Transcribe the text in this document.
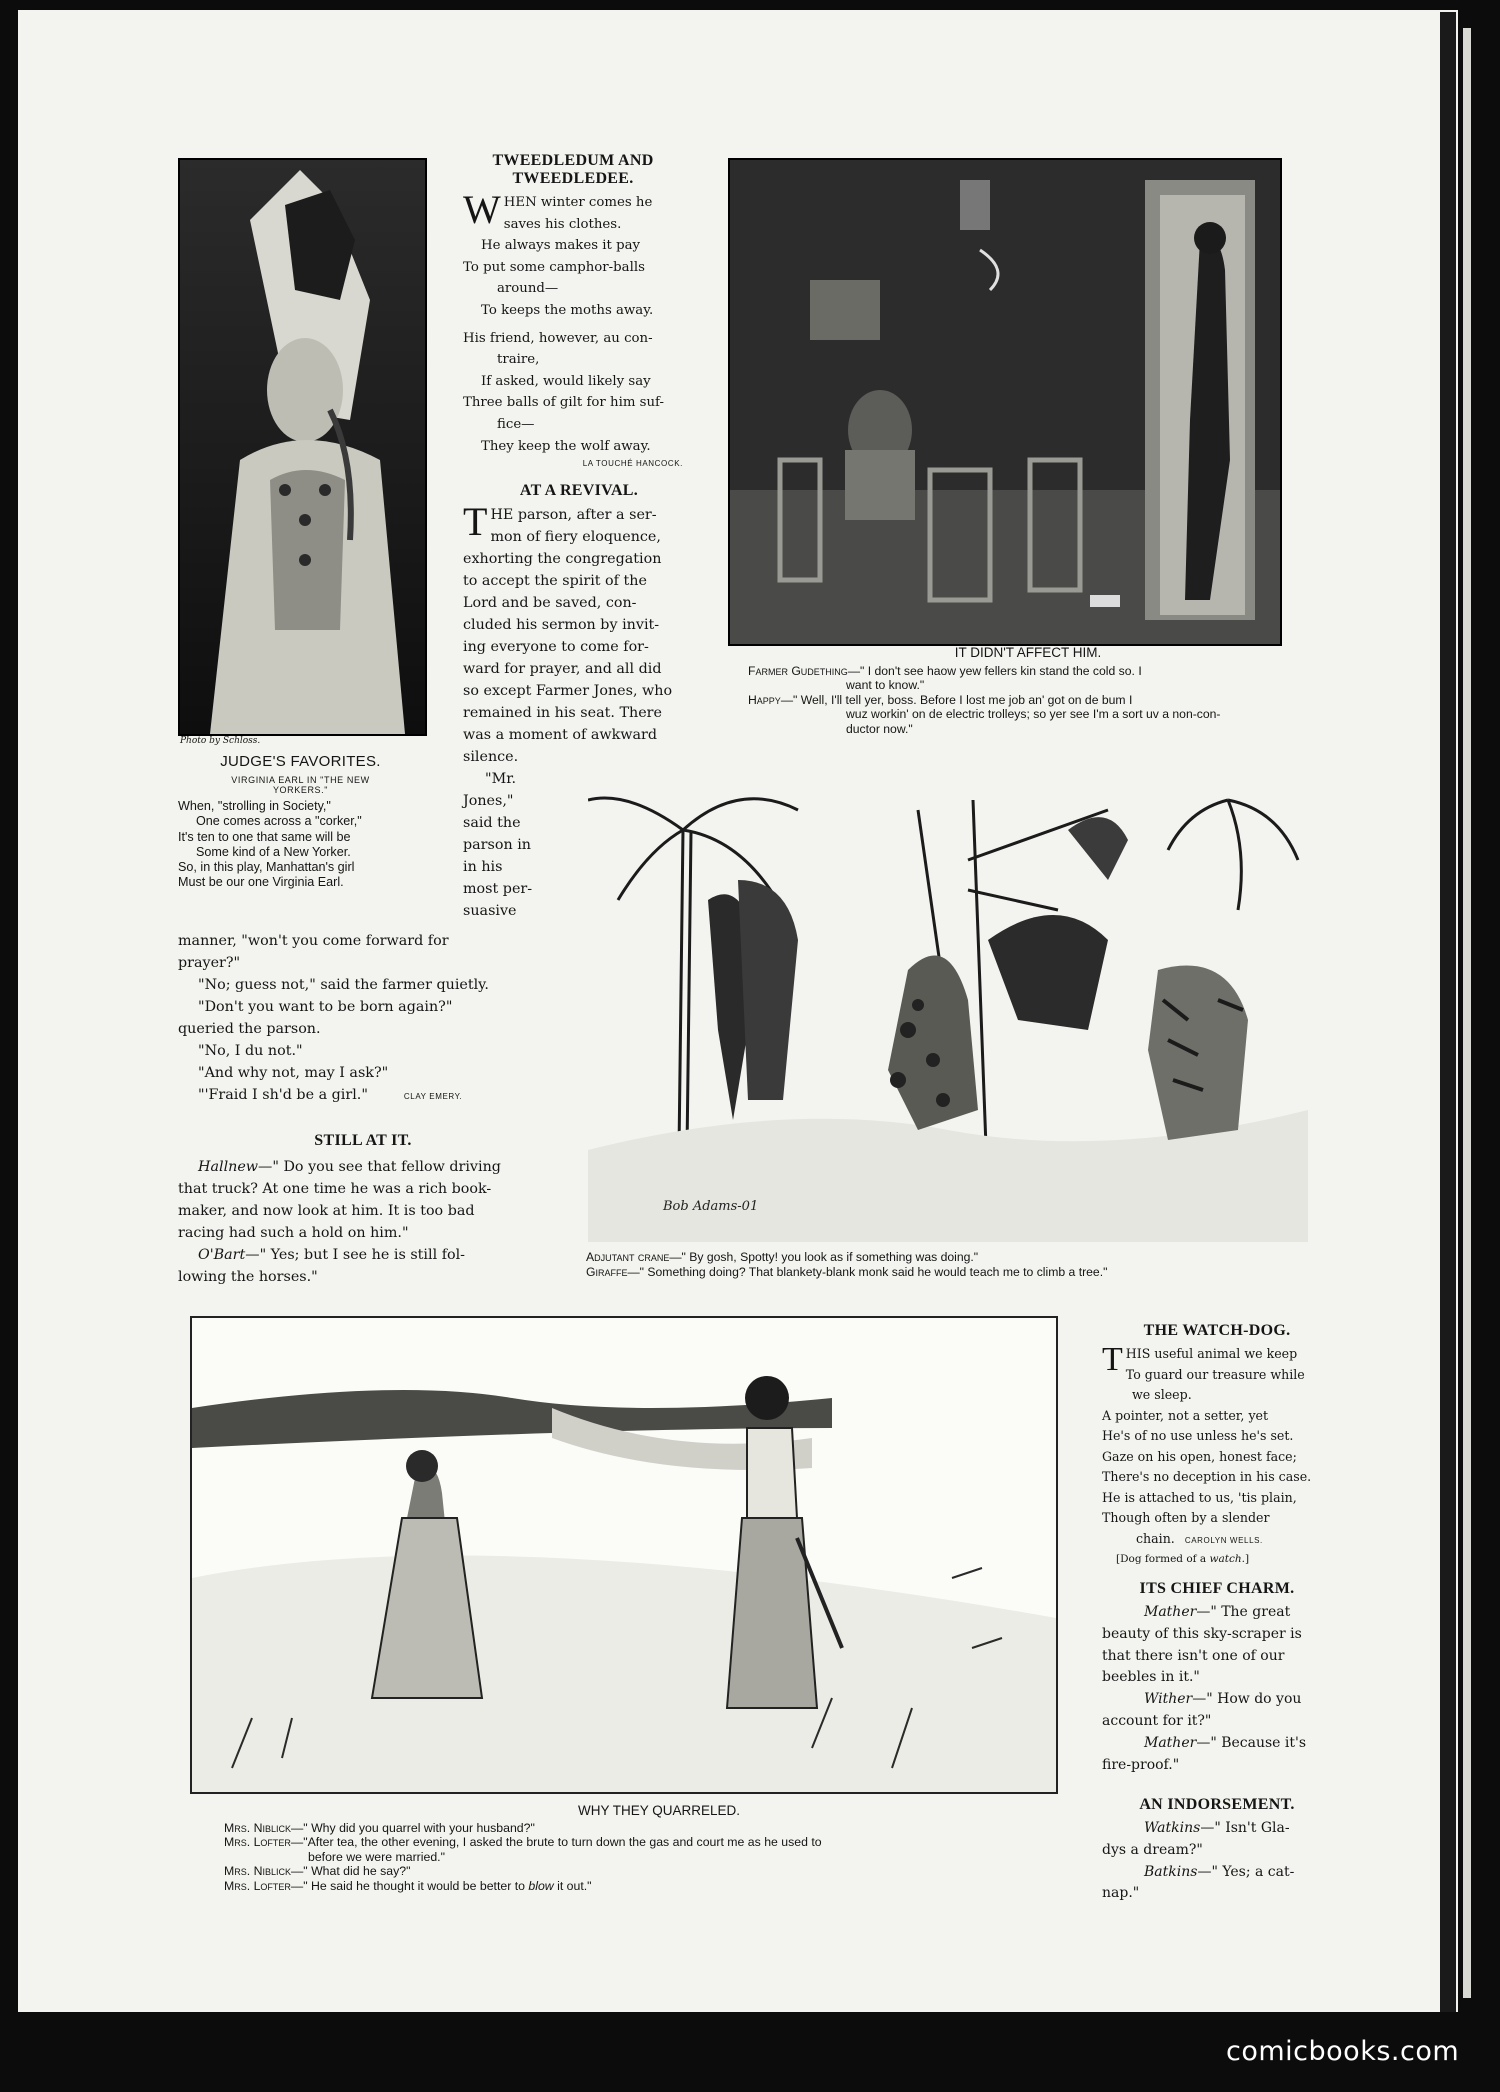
Photo by Schloss.
JUDGE'S FAVORITES.
VIRGINIA EARL IN "THE NEW
YORKERS."
When, "strolling in Society,"
One comes across a "corker,"
It's ten to one that same will be
Some kind of a New Yorker.
So, in this play, Manhattan's girl
Must be our one Virginia Earl.
TWEEDLEDUM AND
TWEEDLEDEE.
W HEN winter comes he
saves his clothes.
He always makes it pay
To put some camphor-balls
around—
To keeps the moths away.
His friend, however, au con-
traire,
If asked, would likely say
Three balls of gilt for him suf-
fice—
They keep the wolf away.
LA TOUCHÉ HANCOCK.
AT A REVIVAL.
T HE parson, after a ser-
mon of fiery eloquence,
exhorting the congregation
to accept the spirit of the
Lord and be saved, con-
cluded his sermon by invit-
ing everyone to come for-
ward for prayer, and all did
so except Farmer Jones, who
remained in his seat. There
was a moment of awkward
silence.
"Mr.
Jones,"
said the
parson in
in his
most per-
suasive
manner, "won't you come forward for
prayer?"
"No; guess not," said the farmer quietly.
"Don't you want to be born again?"
queried the parson.
"No, I du not."
"And why not, may I ask?"
"'Fraid I sh'd be a girl."	CLAY EMERY.
STILL AT IT.
Hallnew—" Do you see that fellow driving
that truck? At one time he was a rich book-
maker, and now look at him. It is too bad
racing had such a hold on him."
O'Bart—" Yes; but I see he is still fol-
lowing the horses."
IT DIDN'T AFFECT HIM.
Farmer Gudething—" I don't see haow yew fellers kin stand the cold so. I
want to know."
Happy—" Well, I'll tell yer, boss. Before I lost me job an' got on de bum I
wuz workin' on de electric trolleys; so yer see I'm a sort uv a non-con-
ductor now."
Bob Adams-01
Adjutant crane—" By gosh, Spotty! you look as if something was doing."
Giraffe—" Something doing? That blankety-blank monk said he would teach me to climb a tree."
WHY THEY QUARRELED.
Mrs. Niblick—" Why did you quarrel with your husband?"
Mrs. Lofter—"After tea, the other evening, I asked the brute to turn down the gas and court me as he used to
before we were married."
Mrs. Niblick—" What did he say?"
Mrs. Lofter—" He said he thought it would be better to blow it out."
THE WATCH-DOG.
T HIS useful animal we keep
To guard our treasure while
we sleep.
A pointer, not a setter, yet
He's of no use unless he's set.
Gaze on his open, honest face;
There's no deception in his case.
He is attached to us, 'tis plain,
Though often by a slender
chain. CAROLYN WELLS.
[Dog formed of a watch.]
ITS CHIEF CHARM.
Mather—" The great
beauty of this sky-scraper is
that there isn't one of our
beebles in it."
Wither—" How do you
account for it?"
Mather—" Because it's
fire-proof."
AN INDORSEMENT.
Watkins—" Isn't Gla-
dys a dream?"
Batkins—" Yes; a cat-
nap."
comicbooks.com
